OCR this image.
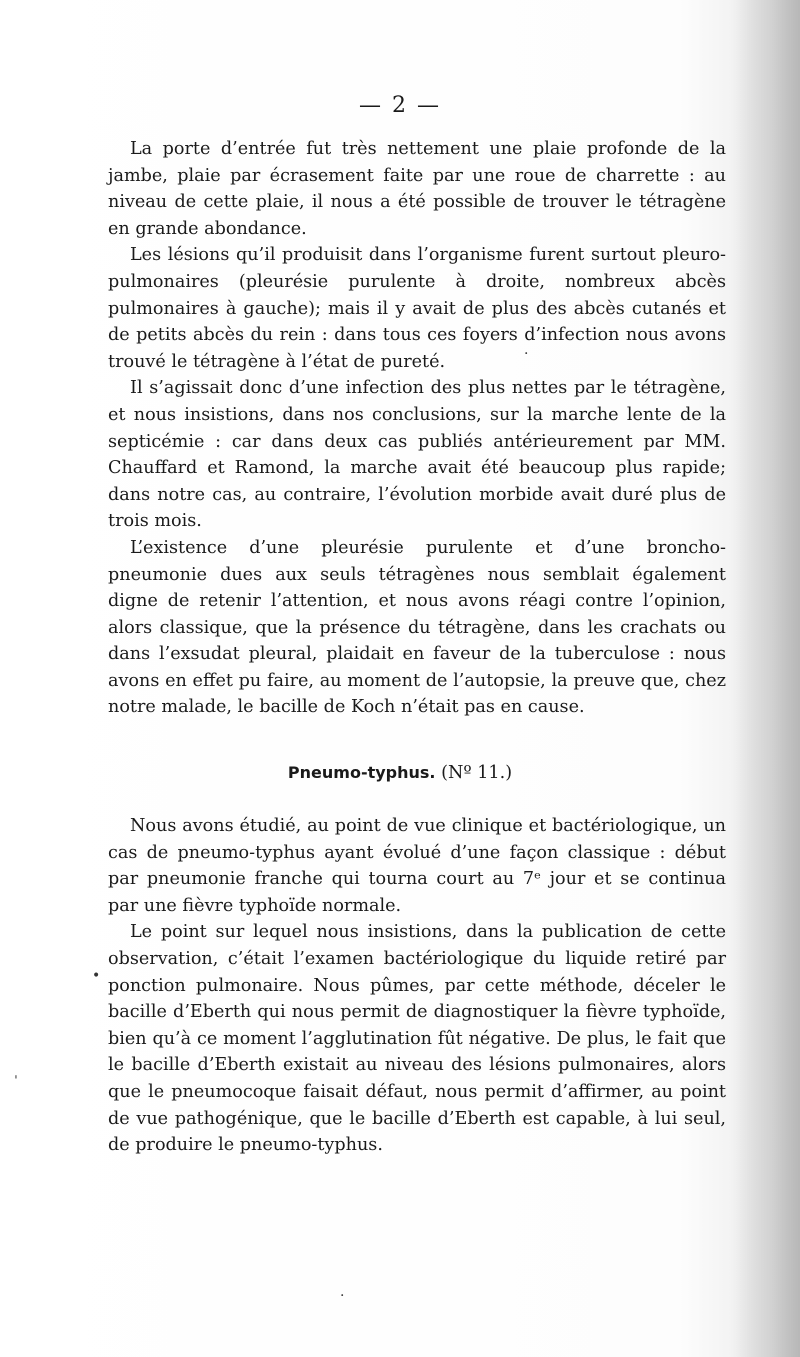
— 2 —

La porte d’entrée fut très nettement une plaie profonde de la jambe, plaie par écrasement faite par une roue de charrette : au niveau de cette plaie, il nous a été possible de trouver le tétragène en grande abondance.

Les lésions qu’il produisit dans l’organisme furent surtout pleuro-pulmonaires (pleurésie purulente à droite, nombreux abcès pulmonaires à gauche); mais il y avait de plus des abcès cutanés et de petits abcès du rein : dans tous ces foyers d’infection nous avons trouvé le tétragène à l’état de pureté.

Il s’agissait donc d’une infection des plus nettes par le tétragène, et nous insistions, dans nos conclusions, sur la marche lente de la septicémie : car dans deux cas publiés antérieurement par MM. Chauffard et Ramond, la marche avait été beaucoup plus rapide; dans notre cas, au contraire, l’évolution morbide avait duré plus de trois mois.

L’existence d’une pleurésie purulente et d’une broncho-pneumonie dues aux seuls tétragènes nous semblait également digne de retenir l’attention, et nous avons réagi contre l’opinion, alors classique, que la présence du tétragène, dans les crachats ou dans l’exsudat pleural, plaidait en faveur de la tuberculose : nous avons en effet pu faire, au moment de l’autopsie, la preuve que, chez notre malade, le bacille de Koch n’était pas en cause.

Pneumo-typhus. (Nº 11.)

Nous avons étudié, au point de vue clinique et bactériologique, un cas de pneumo-typhus ayant évolué d’une façon classique : début par pneumonie franche qui tourna court au 7ᵉ jour et se continua par une fièvre typhoïde normale.

Le point sur lequel nous insistions, dans la publication de cette observation, c’était l’examen bactériologique du liquide retiré par ponction pulmonaire. Nous pûmes, par cette méthode, déceler le bacille d’Eberth qui nous permit de diagnostiquer la fièvre typhoïde, bien qu’à ce moment l’agglutination fût négative. De plus, le fait que le bacille d’Eberth existait au niveau des lésions pulmonaires, alors que le pneumocoque faisait défaut, nous permit d’affirmer, au point de vue pathogénique, que le bacille d’Eberth est capable, à lui seul, de produire le pneumo-typhus.

•
ˈ
·
·
